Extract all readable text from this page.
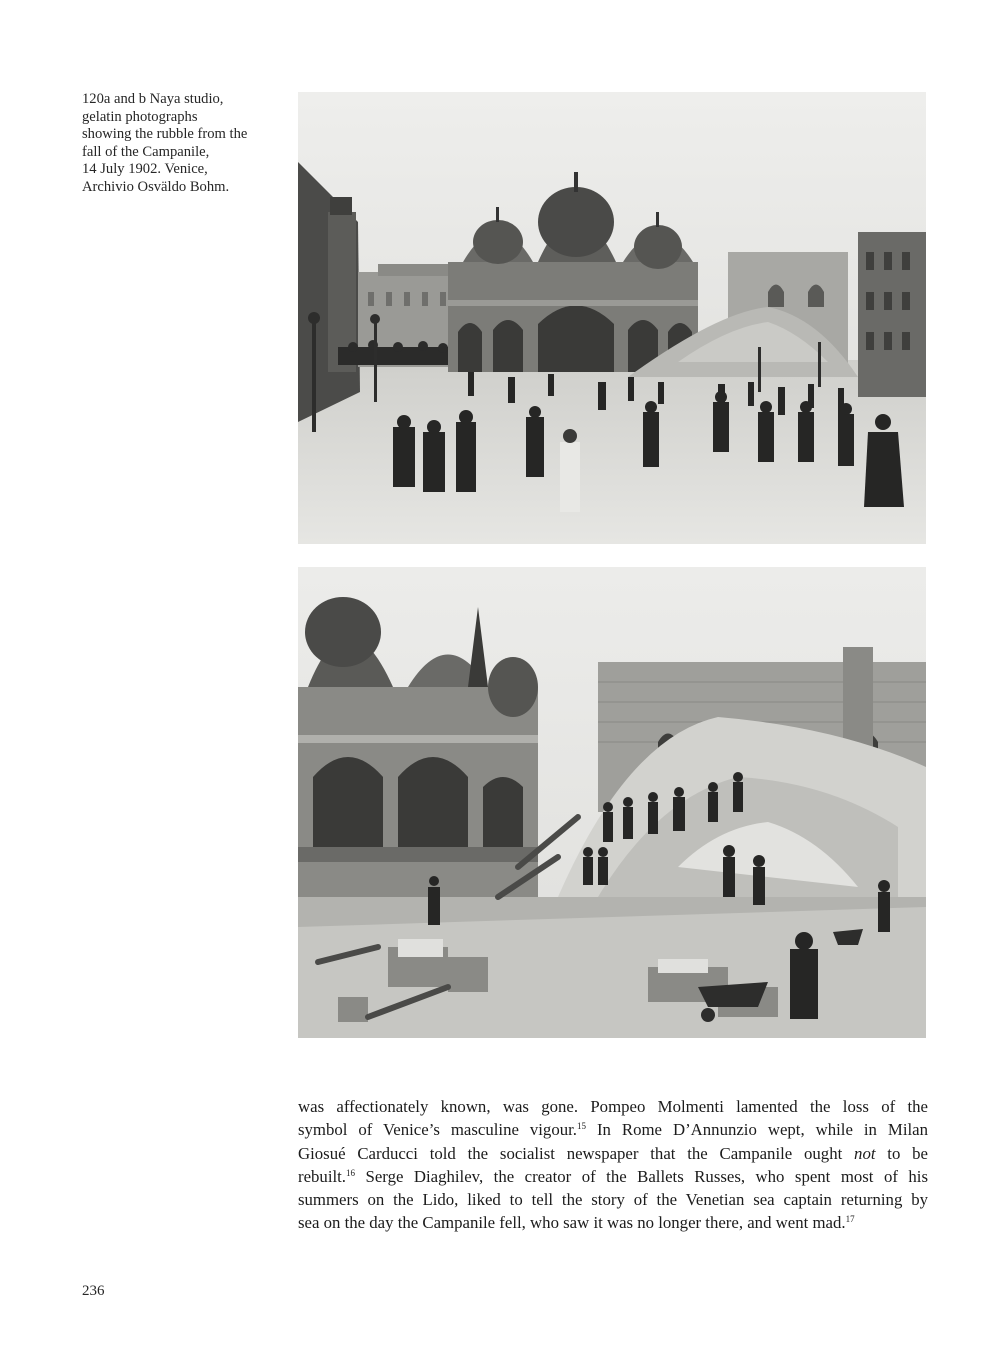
120a and b Naya studio,
gelatin photographs
showing the rubble from the
fall of the Campanile,
14 July 1902. Venice,
Archivio Osväldo Bohm.
was affectionately known, was gone. Pompeo Molmenti lamented the loss of the
symbol of Venice’s masculine vigour.$^{15}$ In Rome D’Annunzio wept, while in Milan
Giosué Carducci told the socialist newspaper that the Campanile ought not to be
rebuilt.$^{16}$ Serge Diaghilev, the creator of the Ballets Russes, who spent most of his
summers on the Lido, liked to tell the story of the Venetian sea captain returning by
sea on the day the Campanile fell, who saw it was no longer there, and went mad.$^{17}$
236
